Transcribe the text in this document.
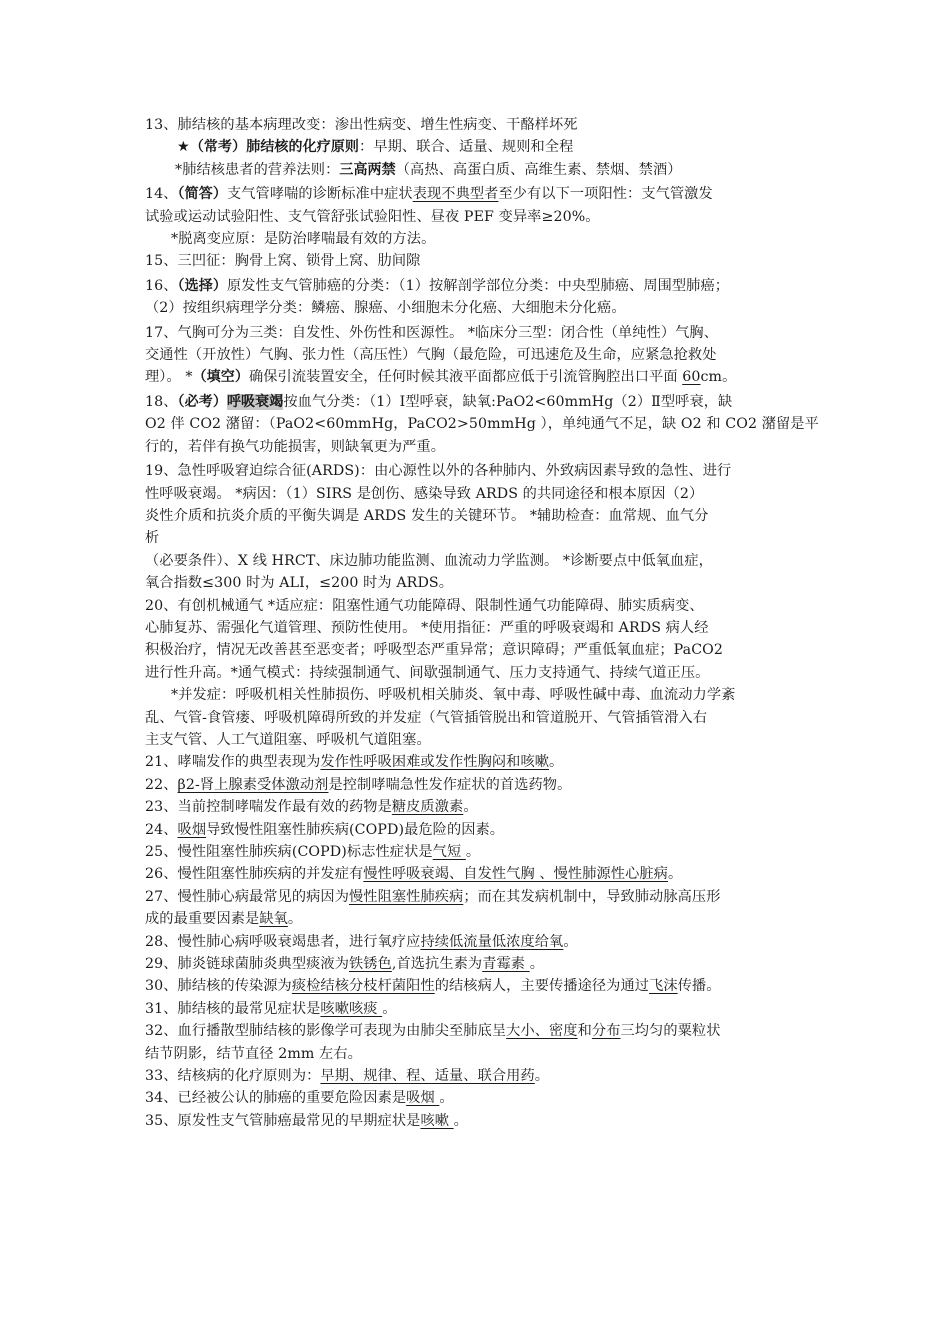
13、肺结核的基本病理改变：渗出性病变、增生性病变、干酪样坏死

★（常考）肺结核的化疗原则：早期、联合、适量、规则和全程

*肺结核患者的营养法则：三高两禁（高热、高蛋白质、高维生素、禁烟、禁酒）

14、（简答）支气管哮喘的诊断标准中症状表现不典型者至少有以下一项阳性：支气管激发
试验或运动试验阳性、支气管舒张试验阳性、昼夜 PEF 变异率≥20%。

*脱离变应原：是防治哮喘最有效的方法。

15、三凹征：胸骨上窝、锁骨上窝、肋间隙

16、（选择）原发性支气管肺癌的分类：（1）按解剖学部位分类：中央型肺癌、周围型肺癌；
（2）按组织病理学分类：鳞癌、腺癌、小细胞未分化癌、大细胞未分化癌。

17、气胸可分为三类：自发性、外伤性和医源性。 *临床分三型：闭合性（单纯性）气胸、
交通性（开放性）气胸、张力性（高压性）气胸（最危险，可迅速危及生命，应紧急抢救处
理）。 *（填空）确保引流装置安全，任何时候其液平面都应低于引流管胸腔出口平面 60cm。

18、（必考）呼吸衰竭按血气分类：（1）Ⅰ型呼衰，缺氧:PaO2<60mmHg（2）Ⅱ型呼衰，缺
O2 伴 CO2 潴留：（PaO2<60mmHg，PaCO2>50mmHg ），单纯通气不足，缺 O2 和 CO2 潴留是平
行的，若伴有换气功能损害，则缺氧更为严重。

19、急性呼吸窘迫综合征(ARDS)：由心源性以外的各种肺内、外致病因素导致的急性、进行
性呼吸衰竭。 *病因：（1）SIRS 是创伤、感染导致 ARDS 的共同途径和根本原因（2）
炎性介质和抗炎介质的平衡失调是 ARDS 发生的关键环节。 *辅助检查：血常规、血气分
析
（必要条件）、X 线 HRCT、床边肺功能监测、血流动力学监测。 *诊断要点中低氧血症，
氧合指数≤300 时为 ALI，≤200 时为 ARDS。

20、有创机械通气 *适应症：阻塞性通气功能障碍、限制性通气功能障碍、肺实质病变、
心肺复苏、需强化气道管理、预防性使用。 *使用指征：严重的呼吸衰竭和 ARDS 病人经
积极治疗，情况无改善甚至恶变者；呼吸型态严重异常；意识障碍；严重低氧血症；PaCO2
进行性升高。*通气模式：持续强制通气、间歇强制通气、压力支持通气、持续气道正压。

*并发症：呼吸机相关性肺损伤、呼吸机相关肺炎、氧中毒、呼吸性碱中毒、血流动力学紊

乱、气管-食管瘘、呼吸机障碍所致的并发症（气管插管脱出和管道脱开、气管插管滑入右
主支气管、人工气道阻塞、呼吸机气道阻塞。

21、哮喘发作的典型表现为发作性呼吸困难或发作性胸闷和咳嗽。

22、β2-肾上腺素受体激动剂是控制哮喘急性发作症状的首选药物。

23、当前控制哮喘发作最有效的药物是糖皮质激素。

24、吸烟导致慢性阻塞性肺疾病(COPD)最危险的因素。

25、慢性阻塞性肺疾病(COPD)标志性症状是气短 。

26、慢性阻塞性肺疾病的并发症有慢性呼吸衰竭、自发性气胸 、慢性肺源性心脏病。

27、慢性肺心病最常见的病因为慢性阻塞性肺疾病；而在其发病机制中，导致肺动脉高压形
成的最重要因素是缺氧。

28、慢性肺心病呼吸衰竭患者，进行氧疗应持续低流量低浓度给氧。

29、肺炎链球菌肺炎典型痰液为铁锈色,首选抗生素为青霉素 。

30、肺结核的传染源为痰检结核分枝杆菌阳性的结核病人，主要传播途径为通过飞沫传播。

31、肺结核的最常见症状是咳嗽咳痰 。

32、血行播散型肺结核的影像学可表现为由肺尖至肺底呈大小、密度和分布三均匀的粟粒状
结节阴影，结节直径 2mm 左右。

33、结核病的化疗原则为：早期、规律、程、适量、联合用药。

34、已经被公认的肺癌的重要危险因素是吸烟 。

35、原发性支气管肺癌最常见的早期症状是咳嗽 。
